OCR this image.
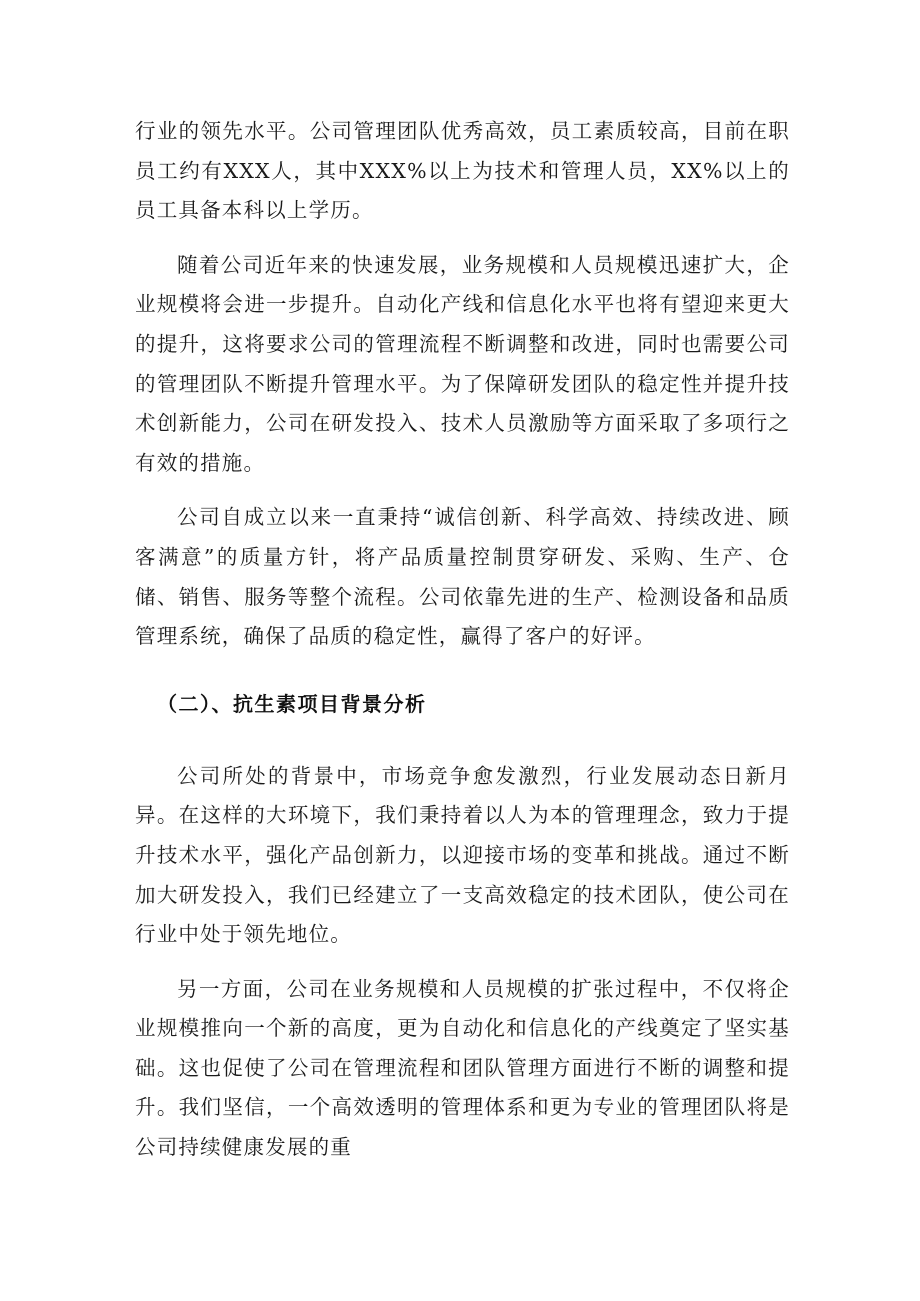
行业的领先水平。公司管理团队优秀高效，员工素质较高，目前在职员工约有XXX人，其中XXX%以上为技术和管理人员，XX%以上的员工具备本科以上学历。

随着公司近年来的快速发展，业务规模和人员规模迅速扩大，企业规模将会进一步提升。自动化产线和信息化水平也将有望迎来更大的提升，这将要求公司的管理流程不断调整和改进，同时也需要公司的管理团队不断提升管理水平。为了保障研发团队的稳定性并提升技术创新能力，公司在研发投入、技术人员激励等方面采取了多项行之有效的措施。

公司自成立以来一直秉持“诚信创新、科学高效、持续改进、顾客满意”的质量方针，将产品质量控制贯穿研发、采购、生产、仓储、销售、服务等整个流程。公司依靠先进的生产、检测设备和品质管理系统，确保了品质的稳定性，赢得了客户的好评。

（二）、抗生素项目背景分析

公司所处的背景中，市场竞争愈发激烈，行业发展动态日新月异。在这样的大环境下，我们秉持着以人为本的管理理念，致力于提升技术水平，强化产品创新力，以迎接市场的变革和挑战。通过不断加大研发投入，我们已经建立了一支高效稳定的技术团队，使公司在行业中处于领先地位。

另一方面，公司在业务规模和人员规模的扩张过程中，不仅将企业规模推向一个新的高度，更为自动化和信息化的产线奠定了坚实基础。这也促使了公司在管理流程和团队管理方面进行不断的调整和提升。我们坚信，一个高效透明的管理体系和更为专业的管理团队将是公司持续健康发展的重
